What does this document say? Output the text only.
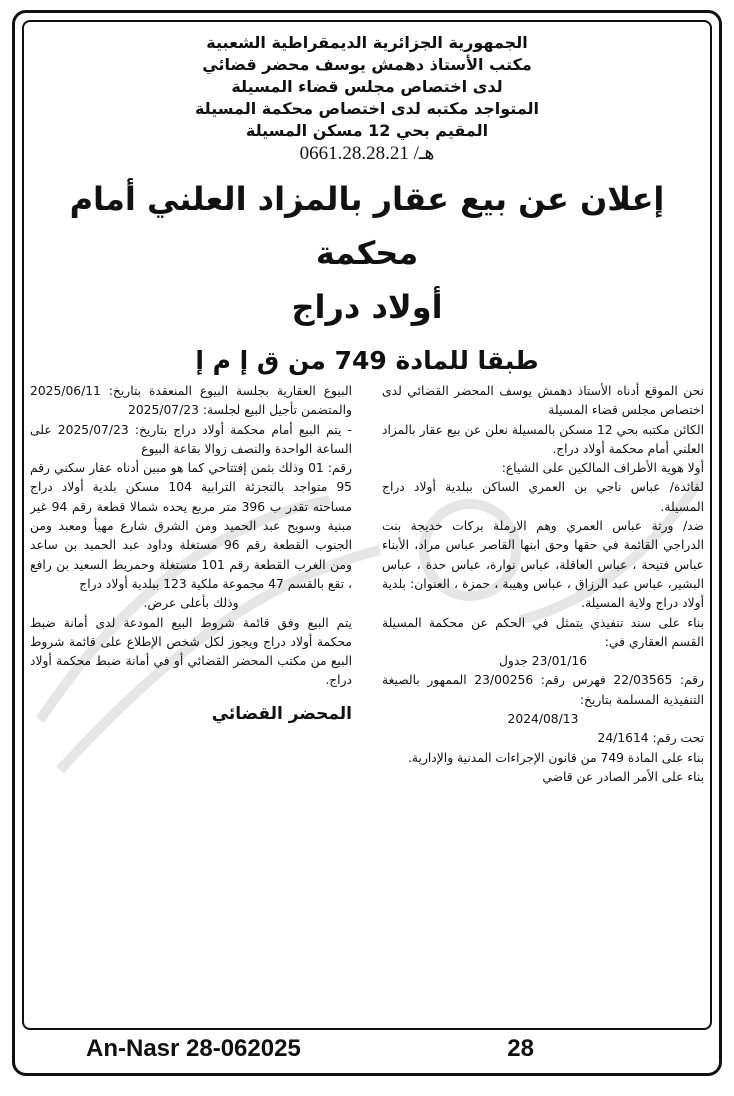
الجمهورية الجزائرية الديمقراطية الشعبية

مكتب الأستاذ دهمش يوسف محضر قضائي

لدى اختصاص مجلس قضاء المسيلة

المتواجد مكتبه لدى اختصاص محكمة المسيلة

المقيم بحي 12 مسكن المسيلة

هـ/ 0661.28.28.21

إعلان عن بيع عقار بالمزاد العلني أمام محكمة
أولاد دراج
طبقا للمادة 749 من ق إ م إ

نحن الموقع أدناه الأستاذ دهمش يوسف المحضر القضائي لدى اختصاص مجلس قضاء المسيلة

الكائن مكتبه بحي 12 مسكن بالمسيلة نعلن عن بيع عقار بالمزاد العلني أمام محكمة أولاد دراج.

أولا هوية الأطراف المالكين على الشياع:

لفائدة/ عباس ناجي بن العمري الساكن ببلدية أولاد دراج المسيلة.

ضد/ ورثة عباس العمري وهم الارملة بركات خديجة بنت الدراجي القائمة في حقها وحق ابنها القاصر عباس مراد، الأبناء عباس فتيحة ، عباس العاقلة، عباس نوارة، عباس حدة ، عباس البشير، عباس عبد الرزاق ، عباس وهيبة ، حمزة ، العنوان: بلدية أولاد دراج ولاية المسيلة.

بناء على سند تنفيذي يتمثل في الحكم عن محكمة المسيلة القسم العقاري في:

23/01/16 جدول

رقم: 22/03565 فهرس رقم: 23/00256 الممهور بالصيغة التنفيذية المسلمة بتاريخ:

2024/08/13

تحت رقم: 24/1614

بناء على المادة 749 من قانون الإجراءات المدنية والإدارية.

بناء على الأمر الصادر عن قاضي

البيوع العقارية بجلسة البيوع المنعقدة بتاريخ: 2025/06/11 والمتضمن تأجيل البيع لجلسة: 2025/07/23

- يتم البيع أمام محكمة أولاد دراج بتاريخ: 2025/07/23 على الساعة الواحدة والنصف زوالا بقاعة البيوع

رقم: 01 وذلك بثمن إفتتاحي كما هو مبين أدناه عقار سكني رقم 95 متواجد بالتجزئة الترابية 104 مسكن بلدية أولاد دراج مساحته تقدر ب 396 متر مربع يحده شمالا قطعة رقم 94 غير مبنية وسويح عبد الحميد ومن الشرق شارع مهيأ ومعبد ومن الجنوب القطعة رقم 96 مستغلة وداود عبد الحميد بن ساعد ومن الغرب القطعة رقم 101 مستغلة وحمريط السعيد بن رافع ، تقع بالقسم 47 مجموعة ملكية 123 ببلدية أولاد دراج

وذلك بأعلى عرض.

يتم البيع وفق قائمة شروط البيع المودعة لدى أمانة ضبط محكمة أولاد دراج ويجوز لكل شخص الإطلاع على قائمة شروط البيع من مكتب المحضر القضائي أو في أمانة ضبط محكمة أولاد دراج.

المحضر القضائي

An-Nasr 28-062025	28
